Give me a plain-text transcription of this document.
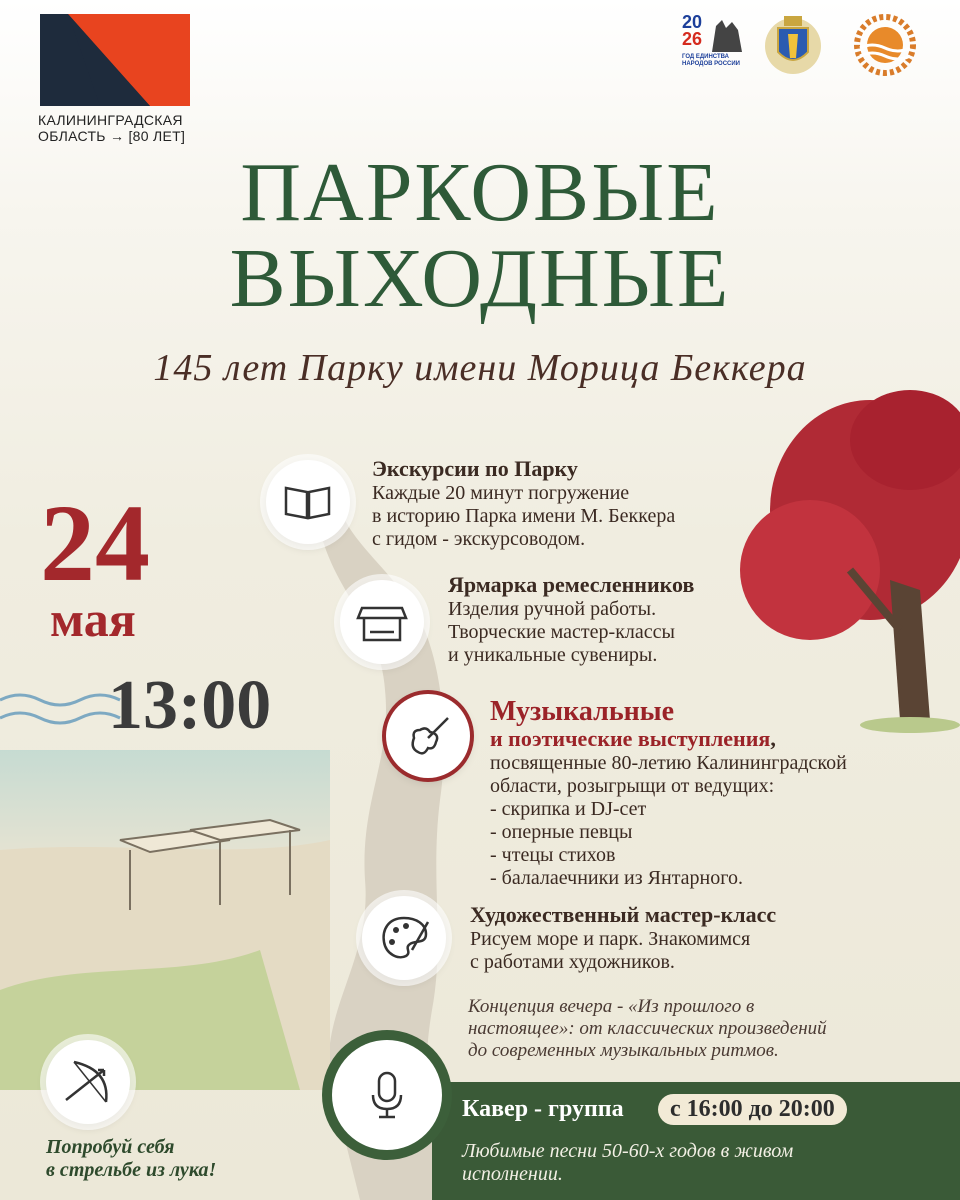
КАЛИНИНГРАДСКАЯ
ОБЛАСТЬ → [80 ЛЕТ]
20
26
ГОД ЕДИНСТВА НАРОДОВ РОССИИ
ПАРКОВЫЕ
ВЫХОДНЫЕ
145 лет Парку имени Морица Беккера
24
мая
13:00
Экскурсии по Парку
Каждые 20 минут погружение
в историю Парка имени М. Беккера
с гидом - экскурсоводом.
Ярмарка ремесленников
Изделия ручной работы.
Творческие мастер-классы
и уникальные сувениры.
Музыкальные
и поэтические выступления,
посвященные 80-летию Калининградской
области, розыгрыщи от ведущих:
- скрипка и DJ-сет
- оперные певцы
- чтецы стихов
- балалаечники из Янтарного.
Художественный мастер-класс
Рисуем море и парк. Знакомимся
с работами художников.
Концепция вечера - «Из прошлого в
настоящее»: от классических произведений
до современных музыкальных ритмов.
Кавер - группа	с 16:00 до 20:00
Любимые песни 50-60-х годов в живом
исполнении.
Попробуй себя
в стрельбе из лука!
